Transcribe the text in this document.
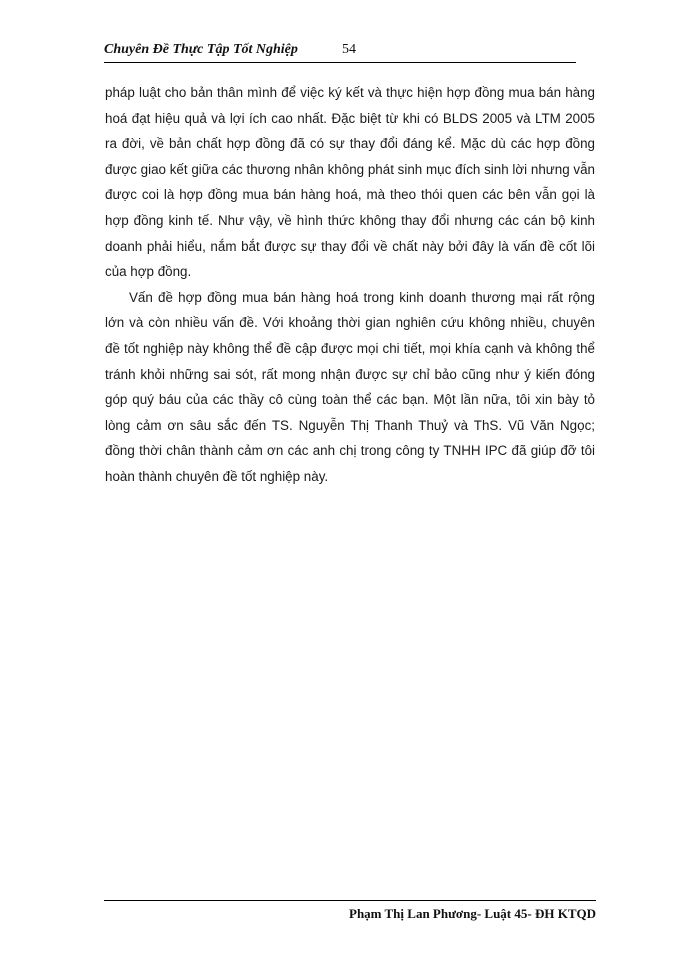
Chuyên Đề Thực Tập Tốt Nghiệp	54

pháp luật cho bản thân mình để việc ký kết và thực hiện hợp đồng mua bán hàng hoá đạt hiệu quả và lợi ích cao nhất. Đặc biệt từ khi có BLDS 2005 và LTM 2005 ra đời, về bản chất hợp đồng đã có sự thay đổi đáng kể. Mặc dù các hợp đồng được giao kết giữa các thương nhân không phát sinh mục đích sinh lời nhưng vẫn được coi là hợp đồng mua bán hàng hoá, mà theo thói quen các bên vẫn gọi là hợp đồng kinh tế. Như vậy, về hình thức không thay đổi nhưng các cán bộ kinh doanh phải hiểu, nắm bắt được sự thay đổi về chất này bởi đây là vấn đề cốt lõi của hợp đồng.

Vấn đề hợp đồng mua bán hàng hoá trong kinh doanh thương mại rất rộng lớn và còn nhiều vấn đề. Với khoảng thời gian nghiên cứu không nhiều, chuyên đề tốt nghiệp này không thể đề cập được mọi chi tiết, mọi khía cạnh và không thể tránh khỏi những sai sót, rất mong nhận được sự chỉ bảo cũng như ý kiến đóng góp quý báu của các thầy cô cùng toàn thể các bạn. Một lần nữa, tôi xin bày tỏ lòng cảm ơn sâu sắc đến TS. Nguyễn Thị Thanh Thuỷ và ThS. Vũ Văn Ngọc; đồng thời chân thành cảm ơn các anh chị trong công ty TNHH IPC đã giúp đỡ tôi hoàn thành chuyên đề tốt nghiệp này.

Phạm Thị Lan Phương- Luật 45- ĐH KTQD
